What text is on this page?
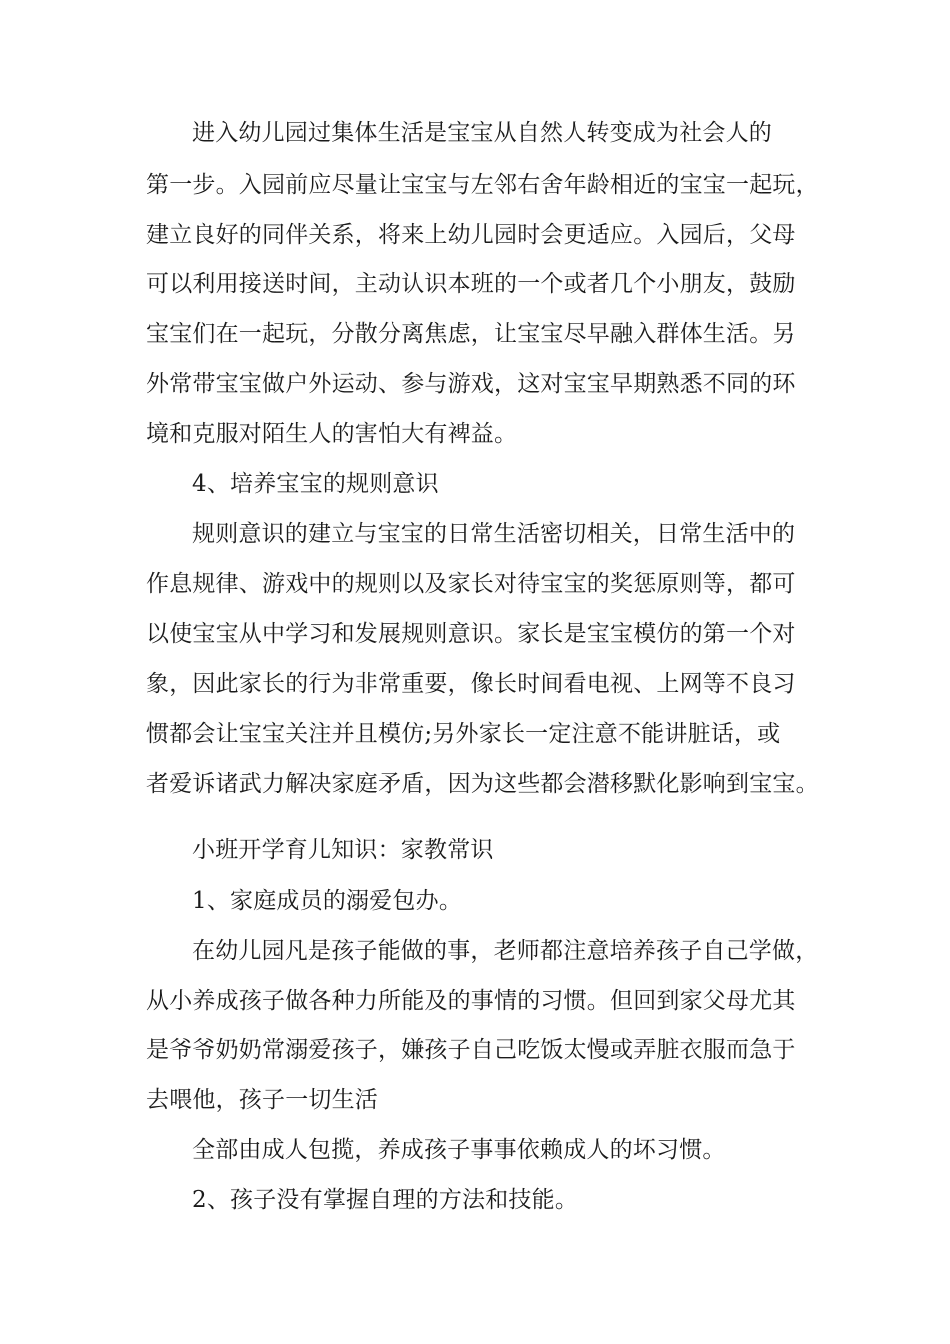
进入幼儿园过集体生活是宝宝从自然人转变成为社会人的
第一步。入园前应尽量让宝宝与左邻右舍年龄相近的宝宝一起玩，
建立良好的同伴关系，将来上幼儿园时会更适应。入园后，父母
可以利用接送时间，主动认识本班的一个或者几个小朋友，鼓励
宝宝们在一起玩，分散分离焦虑，让宝宝尽早融入群体生活。另
外常带宝宝做户外运动、参与游戏，这对宝宝早期熟悉不同的环
境和克服对陌生人的害怕大有裨益。
4、培养宝宝的规则意识
规则意识的建立与宝宝的日常生活密切相关，日常生活中的
作息规律、游戏中的规则以及家长对待宝宝的奖惩原则等，都可
以使宝宝从中学习和发展规则意识。家长是宝宝模仿的第一个对
象，因此家长的行为非常重要，像长时间看电视、上网等不良习
惯都会让宝宝关注并且模仿;另外家长一定注意不能讲脏话，或
者爱诉诸武力解决家庭矛盾，因为这些都会潜移默化影响到宝宝。
小班开学育儿知识：家教常识
1、家庭成员的溺爱包办。
在幼儿园凡是孩子能做的事，老师都注意培养孩子自己学做，
从小养成孩子做各种力所能及的事情的习惯。但回到家父母尤其
是爷爷奶奶常溺爱孩子，嫌孩子自己吃饭太慢或弄脏衣服而急于
去喂他，孩子一切生活
全部由成人包揽，养成孩子事事依赖成人的坏习惯。
2、孩子没有掌握自理的方法和技能。
